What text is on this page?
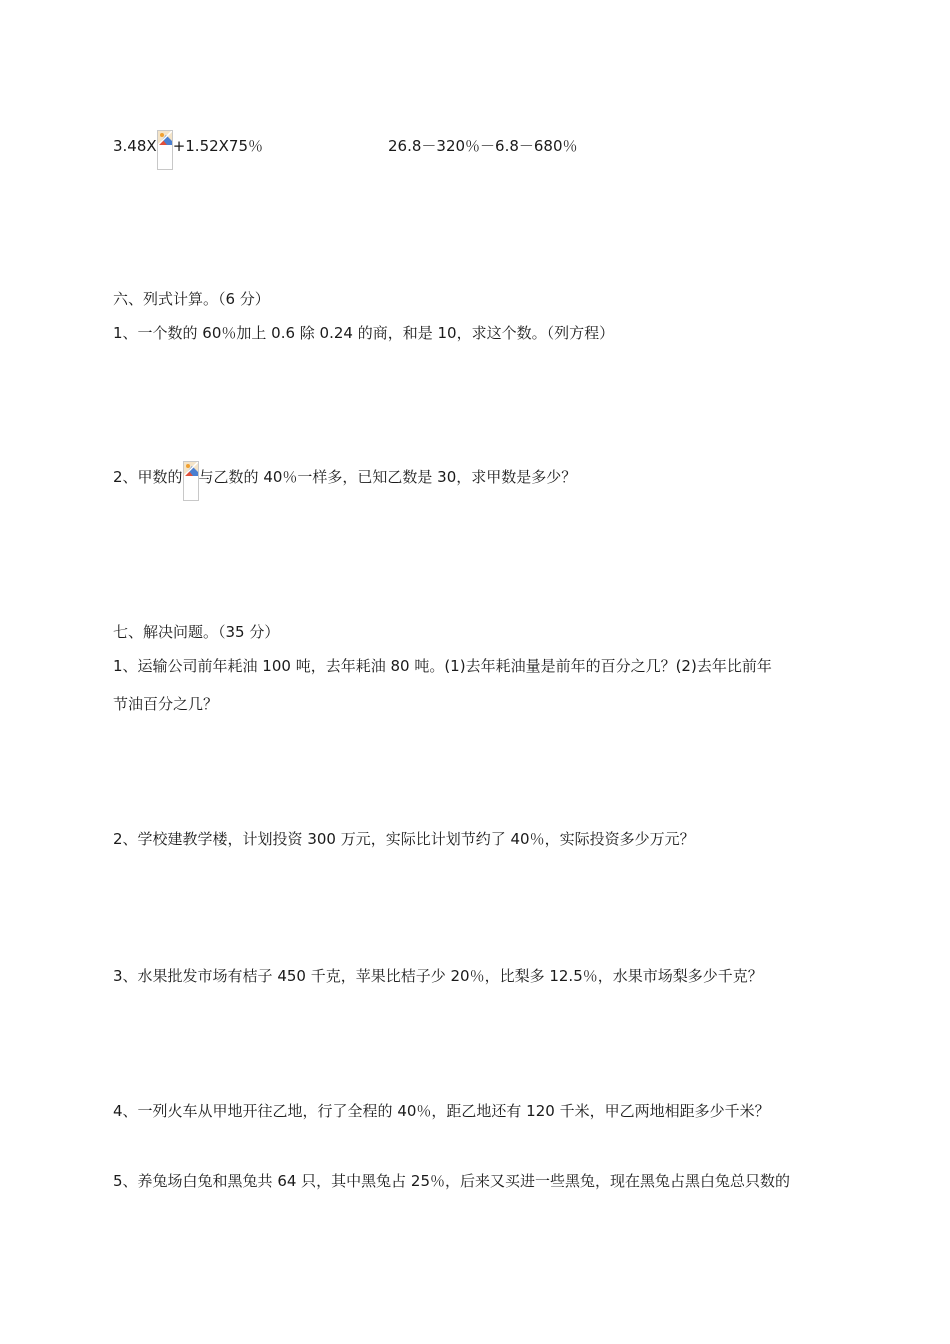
3.48X +1.52X75％	26.8－320％－6.8－680％
六、列式计算。（6 分）
1、一个数的 60％加上 0.6 除 0.24 的商，和是 10，求这个数。（列方程）
2、甲数的 与乙数的 40％一样多，已知乙数是 30，求甲数是多少？
七、解决问题。（35 分）
1、运输公司前年耗油 100 吨，去年耗油 80 吨。(1)去年耗油量是前年的百分之几？(2)去年比前年
节油百分之几？
2、学校建教学楼，计划投资 300 万元，实际比计划节约了 40％，实际投资多少万元？
3、水果批发市场有桔子 450 千克，苹果比桔子少 20％，比梨多 12.5％，水果市场梨多少千克？
4、一列火车从甲地开往乙地，行了全程的 40％，距乙地还有 120 千米，甲乙两地相距多少千米？
5、养兔场白兔和黑兔共 64 只，其中黑兔占 25％，后来又买进一些黑兔，现在黑兔占黑白兔总只数的
